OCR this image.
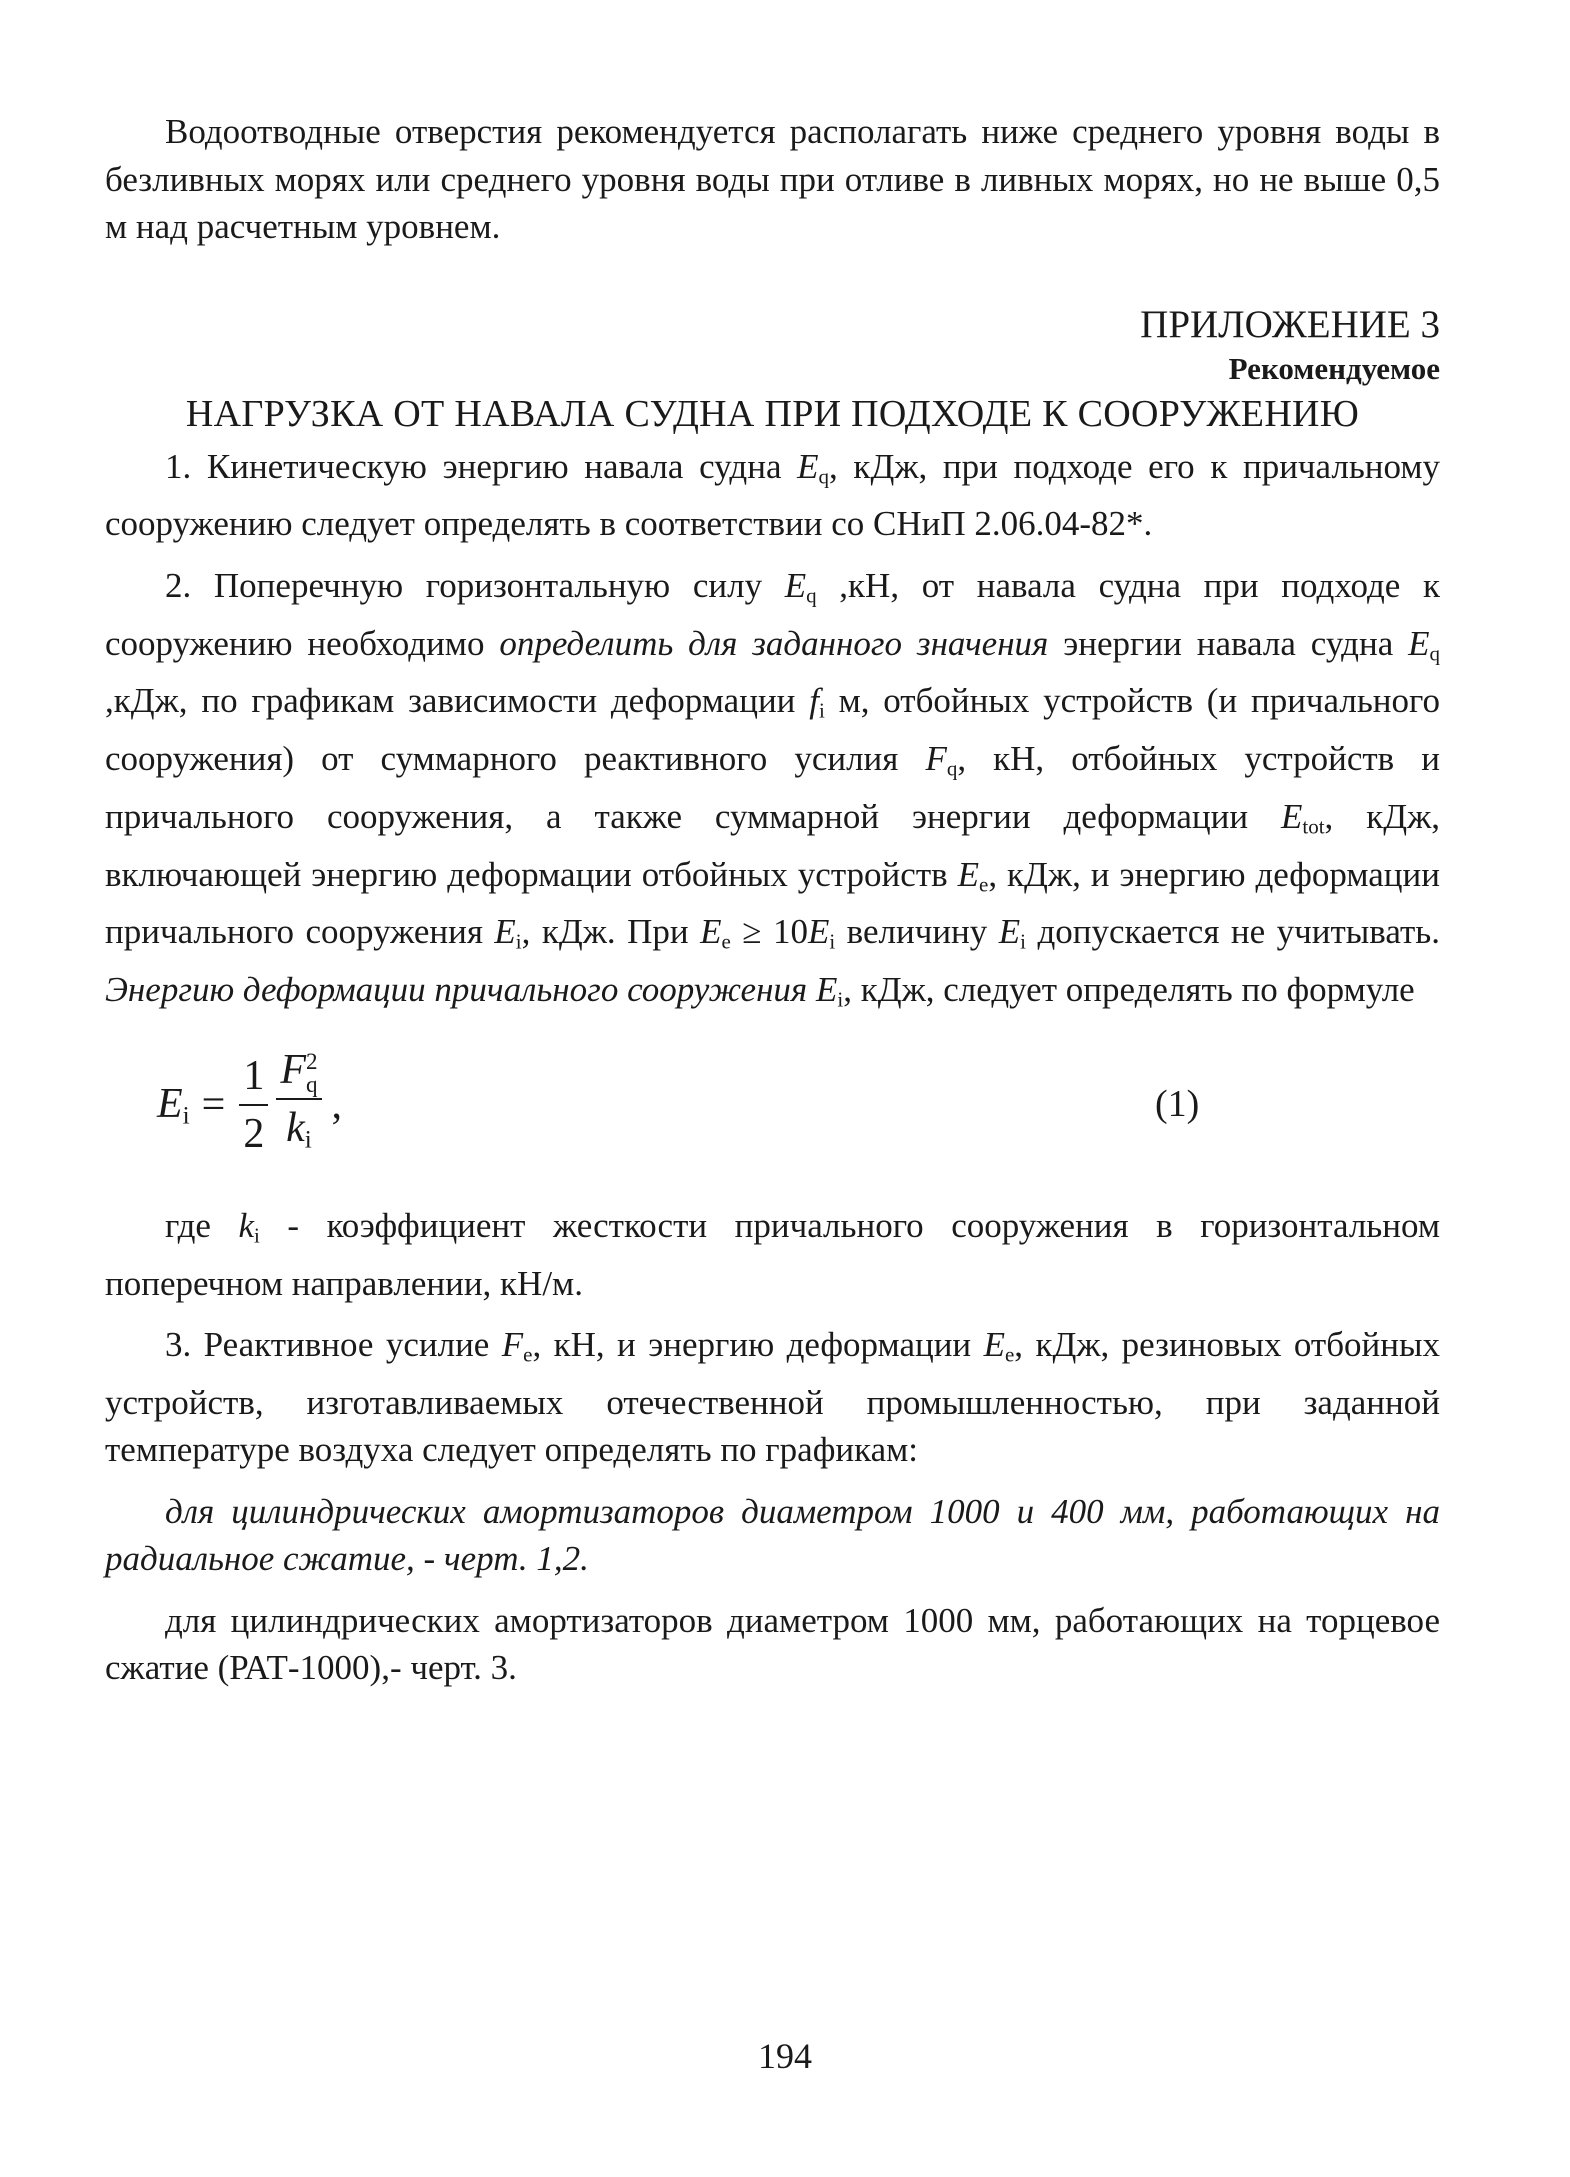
Водоотводные отверстия рекомендуется располагать ниже среднего уровня воды в безливных морях или среднего уровня воды при отливе в ливных морях, но не выше 0,5 м над расчетным уровнем.

ПРИЛОЖЕНИЕ 3

Рекомендуемое

НАГРУЗКА ОТ НАВАЛА СУДНА ПРИ ПОДХОДЕ К СООРУЖЕНИЮ

1. Кинетическую энергию навала судна $E_q$, кДж, при подходе его к причальному сооружению следует определять в соответствии со СНиП 2.06.04-82*.

2. Поперечную горизонтальную силу $E_q$ ,кН, от навала судна при подходе к сооружению необходимо определить для заданного значения энергии навала судна $E_q$ ,кДж, по графикам зависимости деформации $f_i$ м, отбойных устройств (и причального сооружения) от суммарного реактивного усилия $F_q$, кН, отбойных устройств и причального сооружения, а также суммарной энергии деформации $E_{tot}$, кДж, включающей энергию деформации отбойных устройств $E_e$, кДж, и энергию деформации причального сооружения $E_i$, кДж. При $E_e \ge 10E_i$ величину $E_i$ допускается не учитывать. Энергию деформации причального сооружения $E_i$, кДж, следует определять по формуле

$E_i = \frac{1}{2}$ F 2
q
$k_i$ ,	(1)

где $k_i$ - коэффициент жесткости причального сооружения в горизонтальном поперечном направлении, кН/м.

3. Реактивное усилие $F_e$, кН, и энергию деформации $E_e$, кДж, резиновых отбойных устройств, изготавливаемых отечественной промышленностью, при заданной температуре воздуха следует определять по графикам:

для цилиндрических амортизаторов диаметром 1000 и 400 мм, работающих на радиальное сжатие, - черт. 1,2.

для цилиндрических амортизаторов диаметром 1000 мм, работающих на торцевое сжатие (РАТ-1000),- черт. 3.

194
